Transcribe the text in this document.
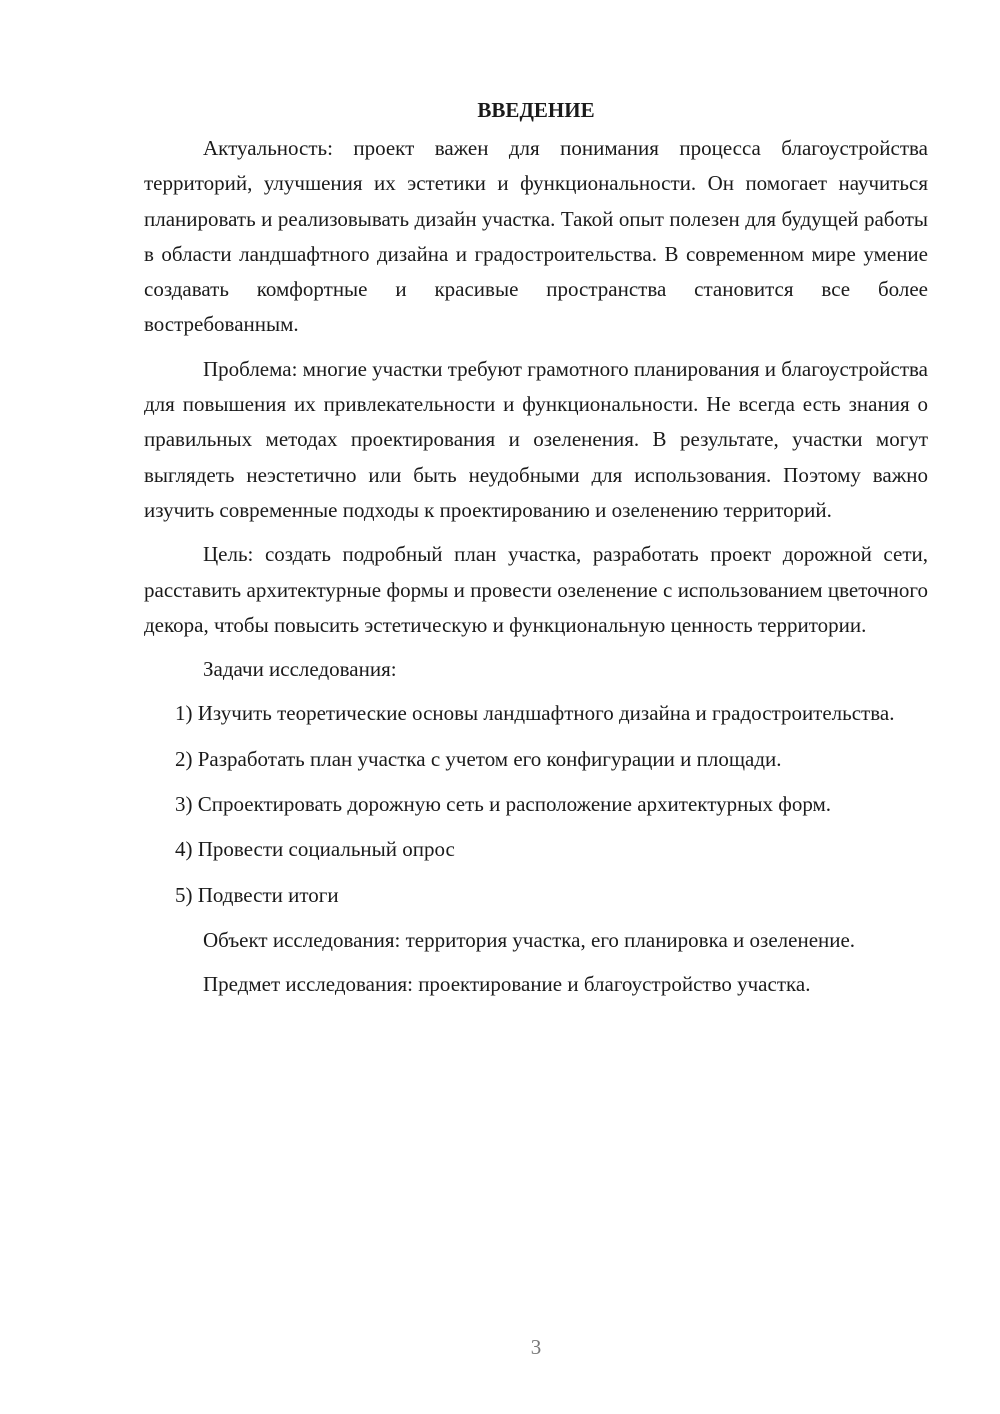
ВВЕДЕНИЕ

Актуальность: проект важен для понимания процесса благоустройства территорий, улучшения их эстетики и функциональности. Он помогает научиться планировать и реализовывать дизайн участка. Такой опыт полезен для будущей работы в области ландшафтного дизайна и градостроительства. В современном мире умение создавать комфортные и красивые пространства становится все более востребованным.

Проблема: многие участки требуют грамотного планирования и благоустройства для повышения их привлекательности и функциональности. Не всегда есть знания о правильных методах проектирования и озеленения. В результате, участки могут выглядеть неэстетично или быть неудобными для использования. Поэтому важно изучить современные подходы к проектированию и озеленению территорий.

Цель: создать подробный план участка, разработать проект дорожной сети, расставить архитектурные формы и провести озеленение с использованием цветочного декора, чтобы повысить эстетическую и функциональную ценность территории.

Задачи исследования:

1) Изучить теоретические основы ландшафтного дизайна и градостроительства.

2) Разработать план участка с учетом его конфигурации и площади.

3) Спроектировать дорожную сеть и расположение архитектурных форм.

4) Провести социальный опрос

5) Подвести итоги

Объект исследования: территория участка, его планировка и озеленение.

Предмет исследования: проектирование и благоустройство участка.

3
